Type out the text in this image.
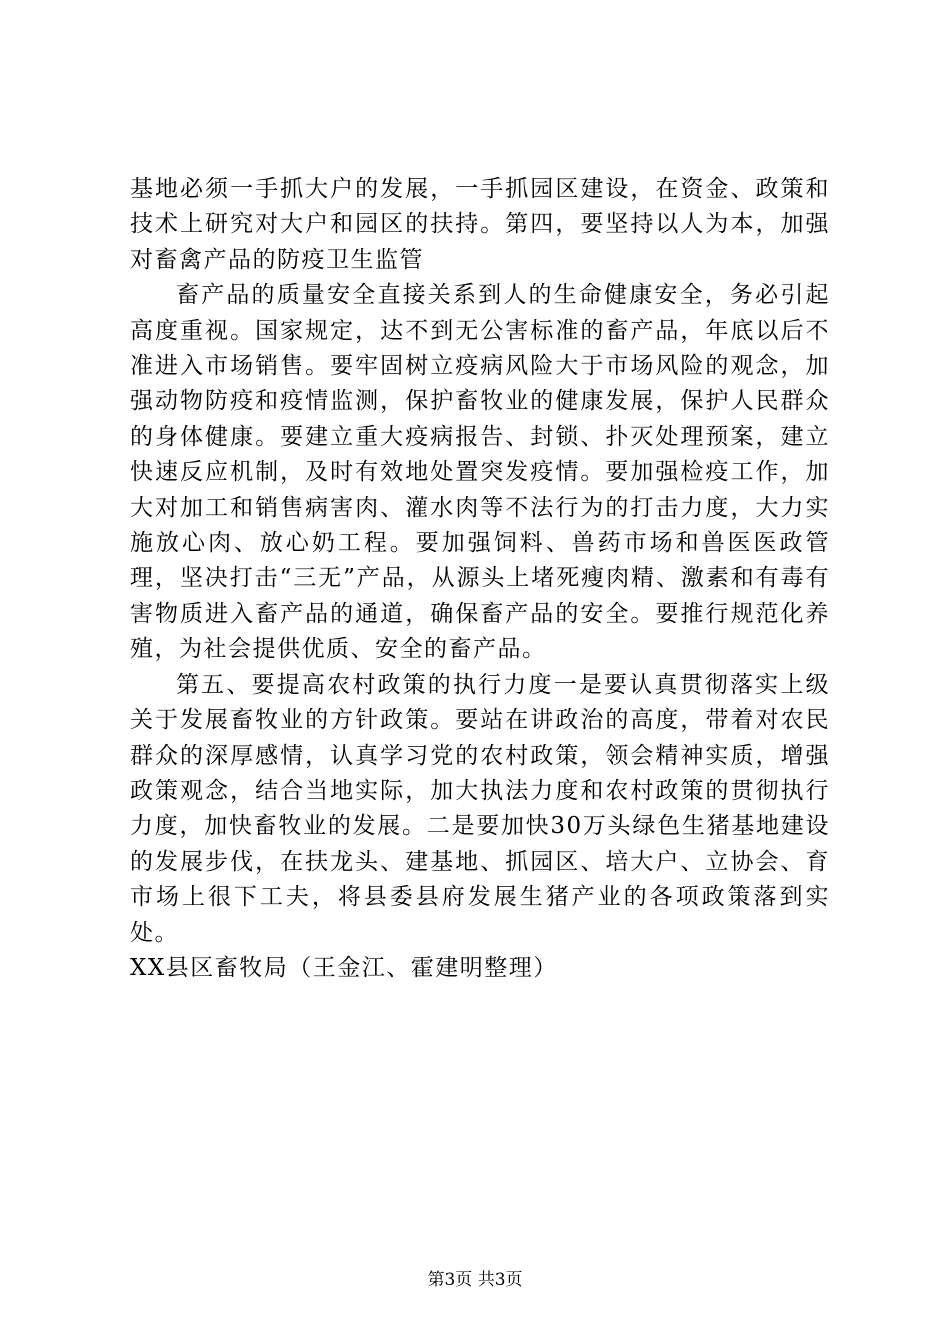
基地必须一手抓大户的发展，一手抓园区建设，在资金、政策和技术上研究对大户和园区的扶持。第四，要坚持以人为本，加强对畜禽产品的防疫卫生监管

畜产品的质量安全直接关系到人的生命健康安全，务必引起高度重视。国家规定，达不到无公害标准的畜产品，年底以后不准进入市场销售。要牢固树立疫病风险大于市场风险的观念，加强动物防疫和疫情监测，保护畜牧业的健康发展，保护人民群众的身体健康。要建立重大疫病报告、封锁、扑灭处理预案，建立快速反应机制，及时有效地处置突发疫情。要加强检疫工作，加大对加工和销售病害肉、灌水肉等不法行为的打击力度，大力实施放心肉、放心奶工程。要加强饲料、兽药市场和兽医医政管理，坚决打击“三无”产品，从源头上堵死瘦肉精、激素和有毒有害物质进入畜产品的通道，确保畜产品的安全。要推行规范化养殖，为社会提供优质、安全的畜产品。

第五、要提高农村政策的执行力度一是要认真贯彻落实上级关于发展畜牧业的方针政策。要站在讲政治的高度，带着对农民群众的深厚感情，认真学习党的农村政策，领会精神实质，增强政策观念，结合当地实际，加大执法力度和农村政策的贯彻执行力度，加快畜牧业的发展。二是要加快30万头绿色生猪基地建设的发展步伐，在扶龙头、建基地、抓园区、培大户、立协会、育市场上很下工夫，将县委县府发展生猪产业的各项政策落到实处。

XX县区畜牧局（王金江、霍建明整理）

第3页 共3页
